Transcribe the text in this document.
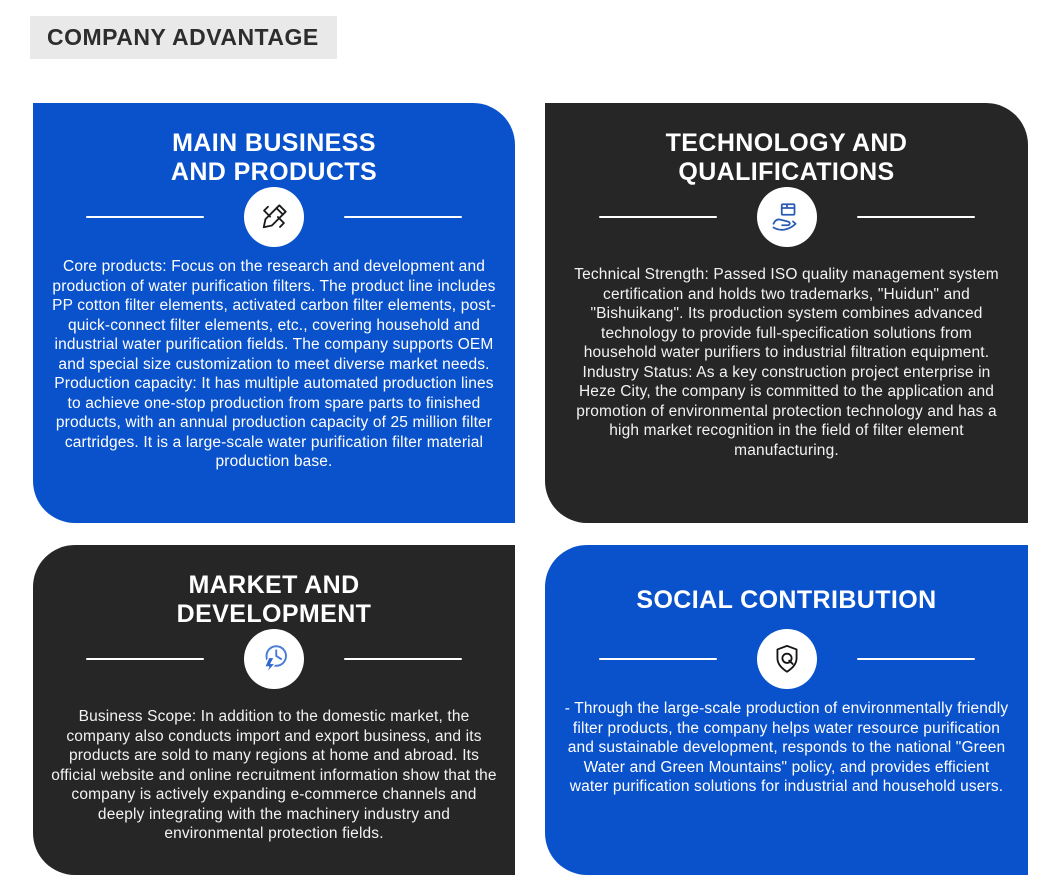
COMPANY ADVANTAGE
MAIN BUSINESS
AND PRODUCTS

Core products: Focus on the research and development and production of water purification filters. The product line includes PP cotton filter elements, activated carbon filter elements, post-quick-connect filter elements, etc., covering household and industrial water purification fields. The company supports OEM and special size customization to meet diverse market needs.

Production capacity: It has multiple automated production lines to achieve one-stop production from spare parts to finished products, with an annual production capacity of 25 million filter cartridges. It is a large-scale water purification filter material production base.

TECHNOLOGY AND
QUALIFICATIONS

Technical Strength: Passed ISO quality management system certification and holds two trademarks, "Huidun" and "Bishuikang". Its production system combines advanced technology to provide full-specification solutions from household water purifiers to industrial filtration equipment.

Industry Status: As a key construction project enterprise in Heze City, the company is committed to the application and promotion of environmental protection technology and has a high market recognition in the field of filter element manufacturing.

MARKET AND
DEVELOPMENT

Business Scope: In addition to the domestic market, the company also conducts import and export business, and its products are sold to many regions at home and abroad. Its official website and online recruitment information show that the company is actively expanding e-commerce channels and deeply integrating with the machinery industry and environmental protection fields.

SOCIAL CONTRIBUTION

- Through the large-scale production of environmentally friendly filter products, the company helps water resource purification and sustainable development, responds to the national "Green Water and Green Mountains" policy, and provides efficient water purification solutions for industrial and household users.
